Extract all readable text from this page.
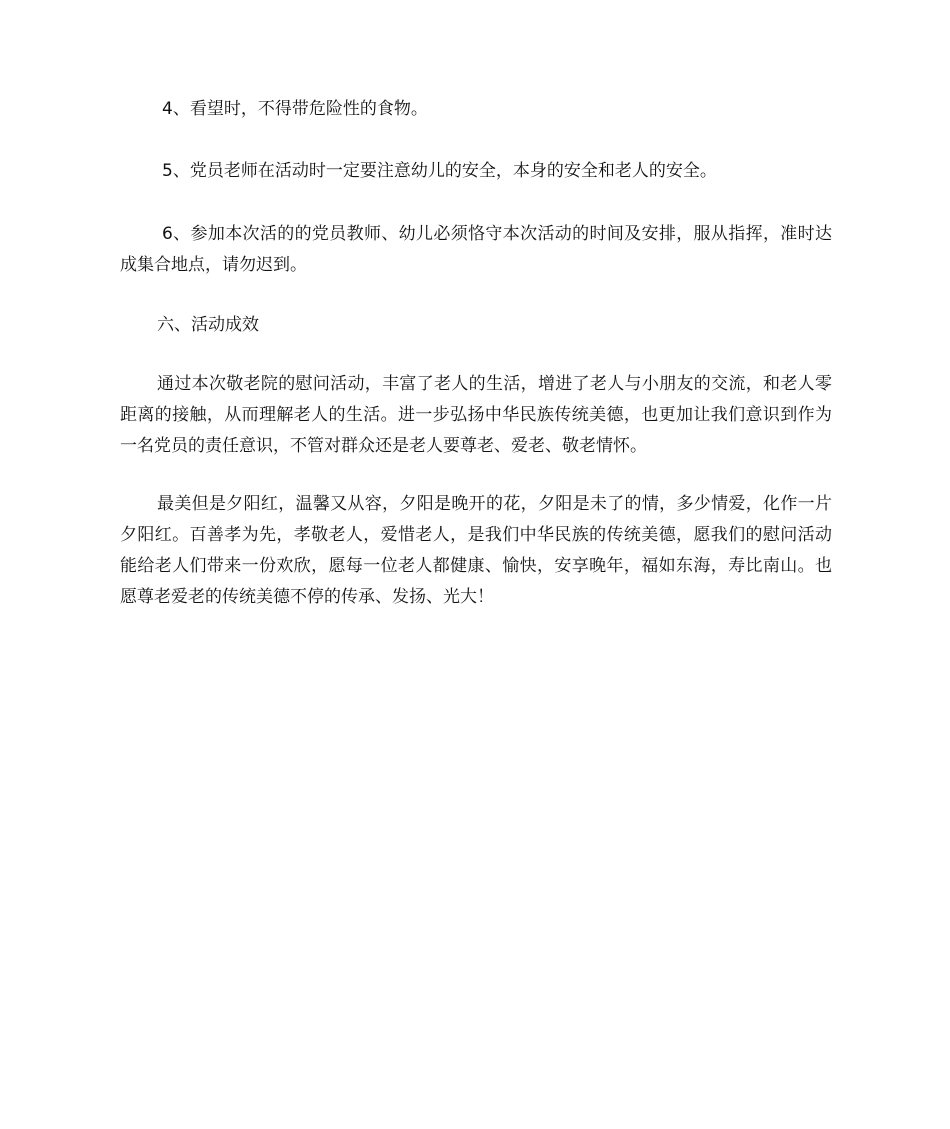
4、看望时，不得带危险性的食物。

5、党员老师在活动时一定要注意幼儿的安全，本身的安全和老人的安全。

6、参加本次活的的党员教师、幼儿必须恪守本次活动的时间及安排，服从指挥，准时达成集合地点，请勿迟到。

六、活动成效

通过本次敬老院的慰问活动，丰富了老人的生活，增进了老人与小朋友的交流，和老人零距离的接触，从而理解老人的生活。进一步弘扬中华民族传统美德，也更加让我们意识到作为一名党员的责任意识，不管对群众还是老人要尊老、爱老、敬老情怀。

最美但是夕阳红，温馨又从容，夕阳是晚开的花，夕阳是未了的情，多少情爱，化作一片夕阳红。百善孝为先，孝敬老人，爱惜老人，是我们中华民族的传统美德，愿我们的慰问活动能给老人们带来一份欢欣，愿每一位老人都健康、愉快，安享晚年，福如东海，寿比南山。也愿尊老爱老的传统美德不停的传承、发扬、光大！
